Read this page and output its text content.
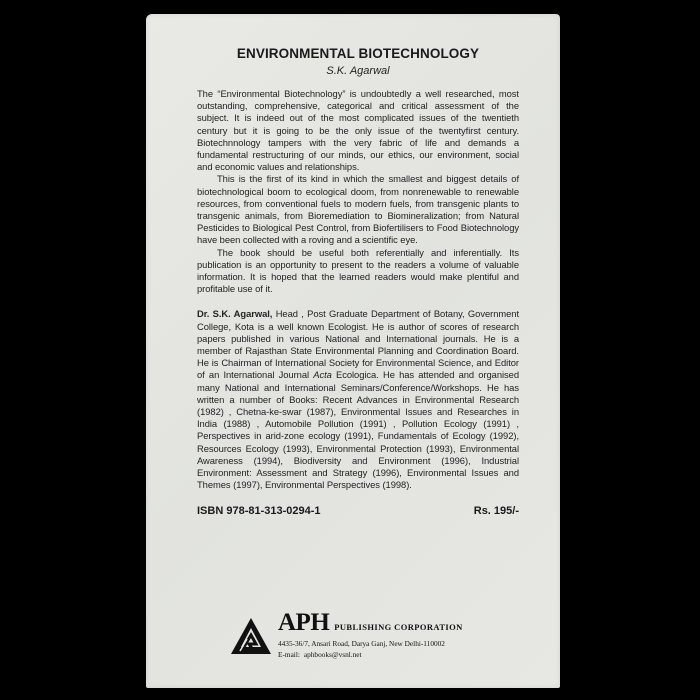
ENVIRONMENTAL BIOTECHNOLOGY
S.K. Agarwal

The “Environmental Biotechnology” is undoubtedly a well researched, most outstanding, comprehensive, categorical and critical assessment of the subject. It is indeed out of the most complicated issues of the twentieth century but it is going to be the only issue of the twentyfirst century. Biotechnnology tampers with the very fabric of life and demands a fundamental restructuring of our minds, our ethics, our environment, social and economic values and relationships.

This is the first of its kind in which the smallest and biggest details of biotechnological boom to ecological doom, from nonrenewable to renewable resources, from conventional fuels to modern fuels, from transgenic plants to transgenic animals, from Bioremediation to Biomineralization; from Natural Pesticides to Biological Pest Control, from Biofertilisers to Food Biotechnology have been collected with a roving and a scientific eye.

The book should be useful both referentially and inferentially. Its publication is an opportunity to present to the readers a volume of valuable information. It is hoped that the learned readers would make plentiful and profitable use of it.

Dr. S.K. Agarwal, Head , Post Graduate Department of Botany, Government College, Kota is a well known Ecologist. He is author of scores of research papers published in various National and International journals. He is a member of Rajasthan State Environmental Planning and Coordination Board. He is Chairman of International Society for Environmental Science, and Editor of an International Journal Acta Ecologica. He has attended and organised many National and International Seminars/Conference/Workshops. He has written a number of Books: Recent Advances in Environmental Research (1982) , Chetna-ke-swar (1987), Environmental Issues and Researches in India (1988) , Automobile Pollution (1991) , Pollution Ecology (1991) , Perspectives in arid-zone ecology (1991), Fundamentals of Ecology (1992), Resources Ecology (1993), Environmental Protection (1993), Environmental Awareness (1994), Biodiversity and Environment (1996), Industrial Environment: Assessment and Strategy (1996), Environmental Issues and Themes (1997), Environmental Perspectives (1998).

ISBN 978-81-313-0294-1	Rs. 195/-
APH PUBLISHING CORPORATION
4435-36/7, Ansari Road, Darya Ganj, New Delhi-110002
E-mail: aphbooks@vsnl.net
